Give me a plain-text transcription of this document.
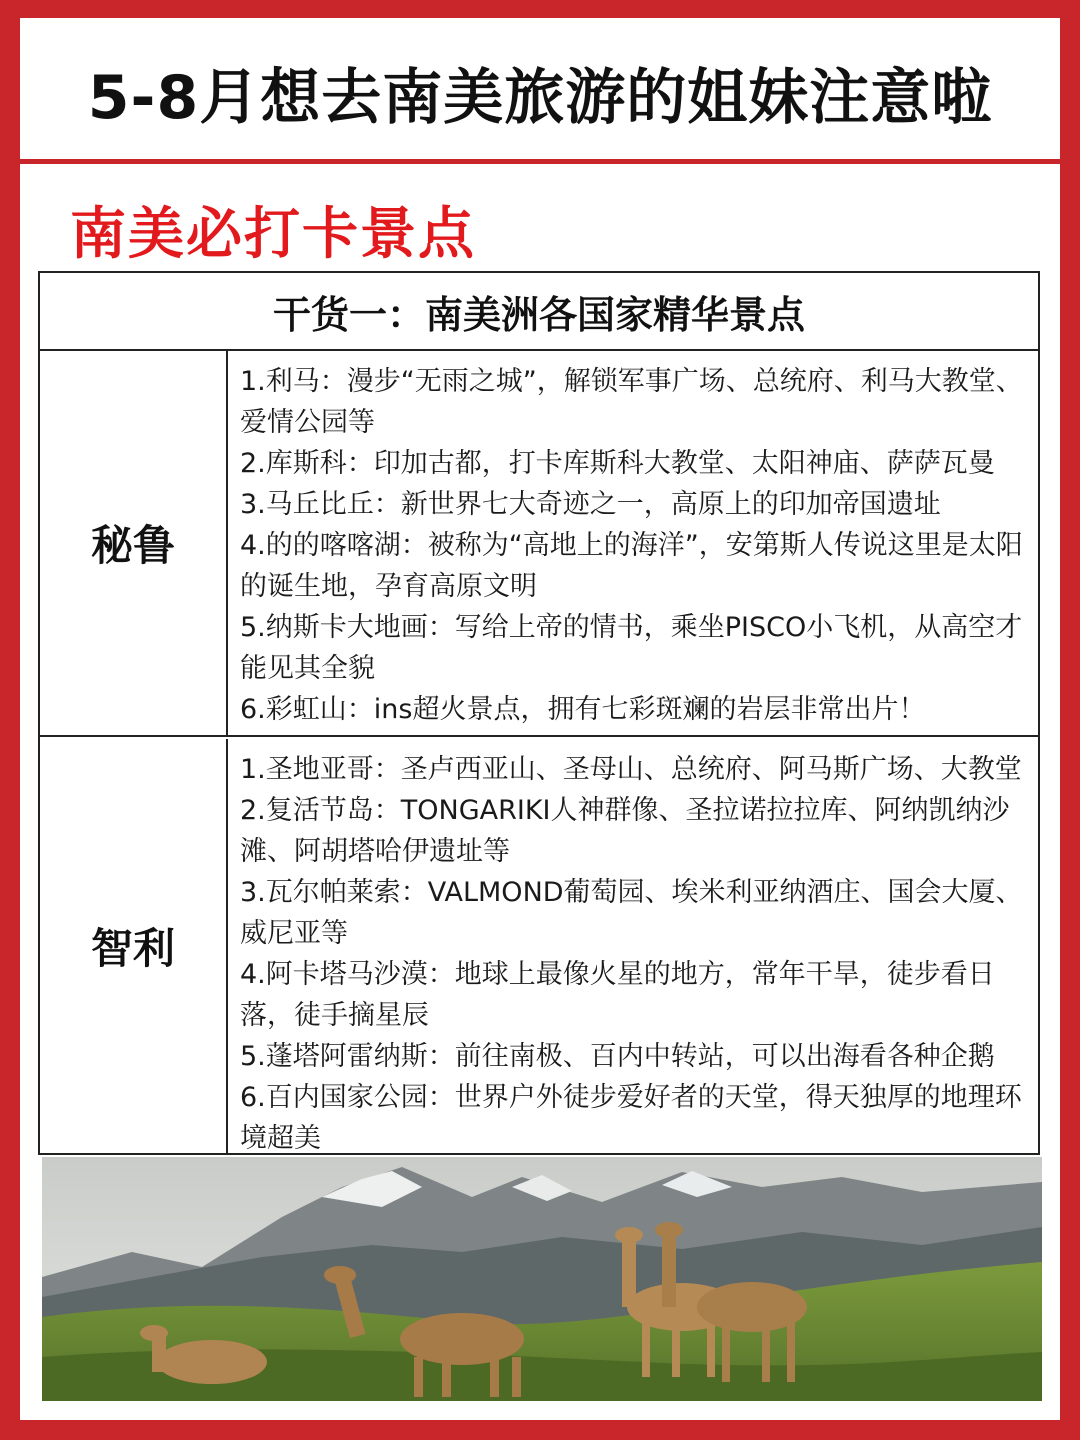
5-8月想去南美旅游的姐妹注意啦
南美必打卡景点
干货一：南美洲各国家精华景点
秘鲁
1.利马：漫步“无雨之城”，解锁军事广场、总统府、利马大教堂、爱情公园等
2.库斯科：印加古都，打卡库斯科大教堂、太阳神庙、萨萨瓦曼
3.马丘比丘：新世界七大奇迹之一，高原上的印加帝国遗址
4.的的喀喀湖：被称为“高地上的海洋”，安第斯人传说这里是太阳的诞生地，孕育高原文明
5.纳斯卡大地画：写给上帝的情书，乘坐PISCO小飞机，从高空才能见其全貌
6.彩虹山：ins超火景点，拥有七彩斑斓的岩层非常出片！
智利
1.圣地亚哥：圣卢西亚山、圣母山、总统府、阿马斯广场、大教堂
2.复活节岛：TONGARIKI人神群像、圣拉诺拉拉库、阿纳凯纳沙滩、阿胡塔哈伊遗址等
3.瓦尔帕莱索：VALMOND葡萄园、埃米利亚纳酒庄、国会大厦、威尼亚等
4.阿卡塔马沙漠：地球上最像火星的地方，常年干旱，徒步看日落，徒手摘星辰
5.蓬塔阿雷纳斯：前往南极、百内中转站，可以出海看各种企鹅
6.百内国家公园：世界户外徒步爱好者的天堂，得天独厚的地理环境超美
